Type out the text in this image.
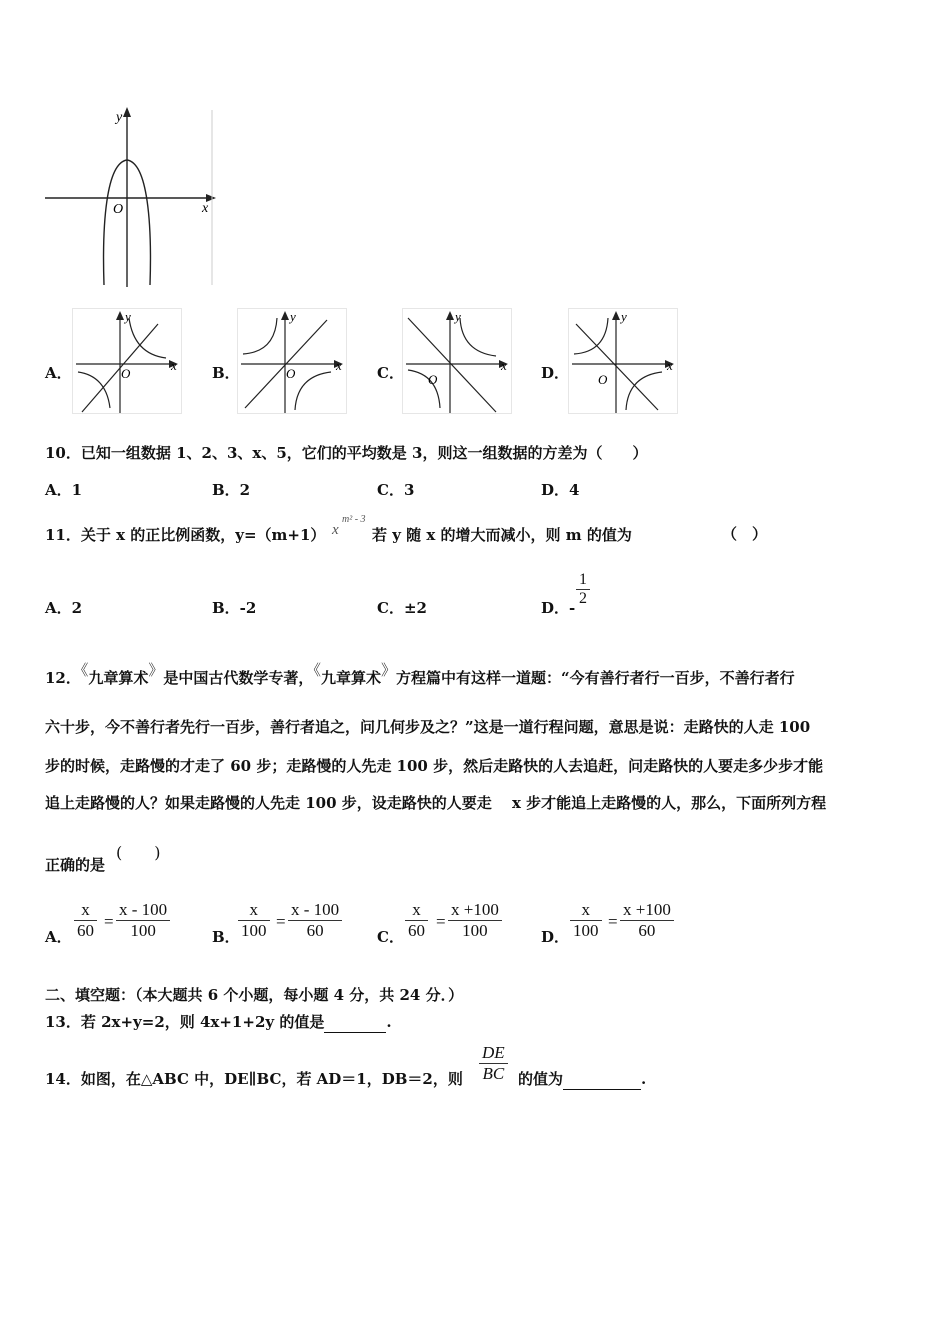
y
x
O
A．
y
x
O	B．
y
x
O	C．
y
x
O	D．
y
x
O
10．已知一组数据 1、2、3、x、5，它们的平均数是 3，则这一组数据的方差为（　　）
A．1	B．2	C．3	D．4
11．关于 x 的正比例函数，y=（m+1） x
m² - 3
若 y 随 x 的增大而减小，则 m 的值为	（　）
A．2	B．-2	C．±2	D．- $\frac{1}{2}$
12．《九章算术》是中国古代数学专著，《九章算术》方程篇中有这样一道题：“今有善行者行一百步，不善行者行
六十步，今不善行者先行一百步，善行者追之，问几何步及之？”这是一道行程问题，意思是说：走路快的人走 100
步的时候，走路慢的才走了 60 步；走路慢的人先走 100 步，然后走路快的人去追赶，问走路快的人要走多少步才能
追上走路慢的人？如果走路慢的人先走 100 步，设走路快的人要走　 x 步才能追上走路慢的人，那么，下面所列方程
正确的是
(　　)
A． $\frac{x}{60} = \frac{x - 100}{100}$	B．
$\frac{x}{100} = \frac{x - 100}{60}$ C． $\frac{x}{60} = \frac{x +100}{100}$	D． $\frac{x}{100} = \frac{x +100}{60}$
二、填空题：（本大题共 6 个小题，每小题 4 分，共 24 分．）
13．若 2x+y=2，则 4x+1+2y 的值是	.
14．如图，在△ABC 中，DE∥BC，若 AD＝1，DB＝2，则 $\frac{DE}{BC}$ 的值为	.
